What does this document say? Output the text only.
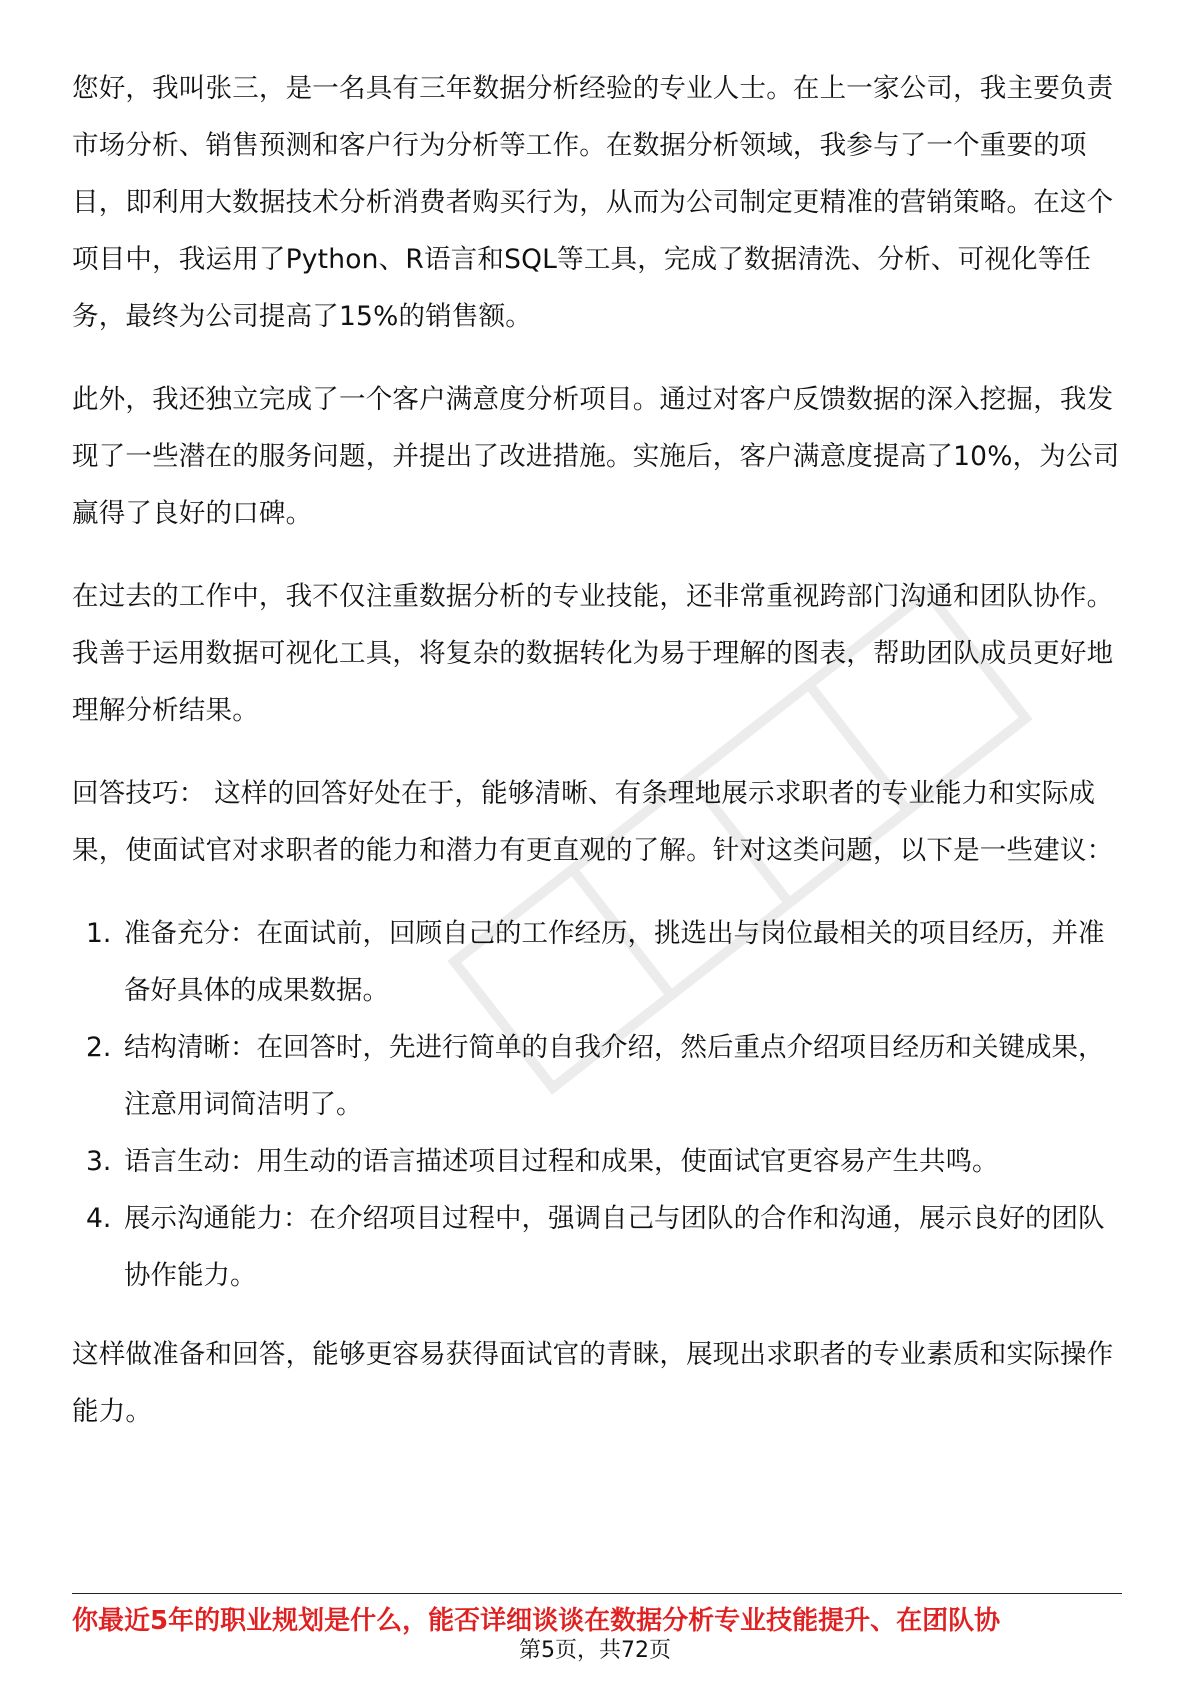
您好，我叫张三，是一名具有三年数据分析经验的专业人士。在上一家公司，我主要负责市场分析、销售预测和客户行为分析等工作。在数据分析领域，我参与了一个重要的项目，即利用大数据技术分析消费者购买行为，从而为公司制定更精准的营销策略。在这个项目中，我运用了Python、R语言和SQL等工具，完成了数据清洗、分析、可视化等任务，最终为公司提高了15%的销售额。

此外，我还独立完成了一个客户满意度分析项目。通过对客户反馈数据的深入挖掘，我发现了一些潜在的服务问题，并提出了改进措施。实施后，客户满意度提高了10%，为公司赢得了良好的口碑。

在过去的工作中，我不仅注重数据分析的专业技能，还非常重视跨部门沟通和团队协作。我善于运用数据可视化工具，将复杂的数据转化为易于理解的图表，帮助团队成员更好地理解分析结果。

回答技巧： 这样的回答好处在于，能够清晰、有条理地展示求职者的专业能力和实际成果，使面试官对求职者的能力和潜力有更直观的了解。针对这类问题，以下是一些建议：

1. 准备充分：在面试前，回顾自己的工作经历，挑选出与岗位最相关的项目经历，并准备好具体的成果数据。
2. 结构清晰：在回答时，先进行简单的自我介绍，然后重点介绍项目经历和关键成果，注意用词简洁明了。
3. 语言生动：用生动的语言描述项目过程和成果，使面试官更容易产生共鸣。
4. 展示沟通能力：在介绍项目过程中，强调自己与团队的合作和沟通，展示良好的团队协作能力。

这样做准备和回答，能够更容易获得面试官的青睐，展现出求职者的专业素质和实际操作能力。

你最近5年的职业规划是什么，能否详细谈谈在数据分析专业技能提升、在团队协
第5页，共72页
